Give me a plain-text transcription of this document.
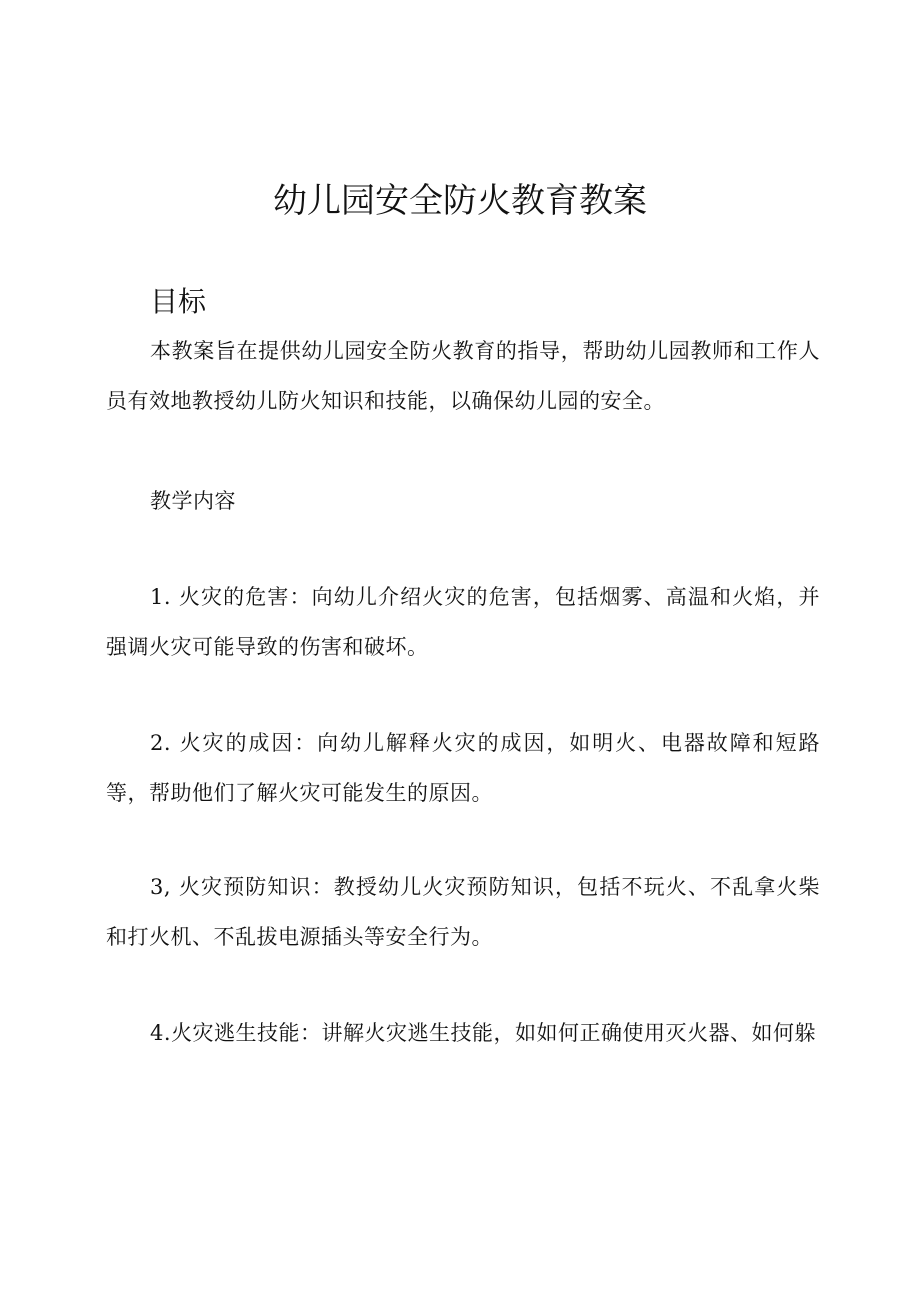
幼儿园安全防火教育教案
目标

本教案旨在提供幼儿园安全防火教育的指导，帮助幼儿园教师和工作人员有效地教授幼儿防火知识和技能，以确保幼儿园的安全。

教学内容

1. 火灾的危害：向幼儿介绍火灾的危害，包括烟雾、高温和火焰，并强调火灾可能导致的伤害和破坏。

2. 火灾的成因：向幼儿解释火灾的成因，如明火、电器故障和短路等，帮助他们了解火灾可能发生的原因。

3, 火灾预防知识：教授幼儿火灾预防知识，包括不玩火、不乱拿火柴和打火机、不乱拔电源插头等安全行为。

4.火灾逃生技能：讲解火灾逃生技能，如如何正确使用灭火器、如何躲
